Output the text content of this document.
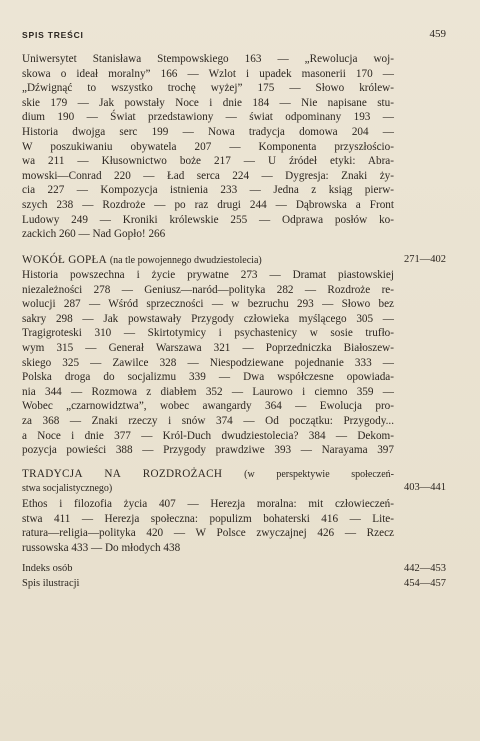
SPIS TREŚCI	459
Uniwersytet Stanisława Stempowskiego 163 — „Rewolucja woj-
skowa o ideał moralny” 166 — Wzlot i upadek masonerii 170 —
„Dźwignąć to wszystko trochę wyżej” 175 — Słowo królew-
skie 179 — Jak powstały Noce i dnie 184 — Nie napisane stu-
dium 190 — Świat przedstawiony — świat odpominany 193 —
Historia dwojga serc 199 — Nowa tradycja domowa 204 —
W poszukiwaniu obywatela 207 — Komponenta przyszłościo-
wa 211 — Kłusownictwo boże 217 — U źródeł etyki: Abra-
mowski—Conrad 220 — Ład serca 224 — Dygresja: Znaki ży-
cia 227 — Kompozycja istnienia 233 — Jedna z ksiąg pierw-
szych 238 — Rozdroże — po raz drugi 244 — Dąbrowska a Front
Ludowy 249 — Kroniki królewskie 255 — Odprawa posłów ko-
zackich 260 — Nad Gopło! 266
WOKÓŁ GOPŁA (na tle powojennego dwudziestolecia)	271—402
Historia powszechna i życie prywatne 273 — Dramat piastowskiej
niezależności 278 — Geniusz—naród—polityka 282 — Rozdroże re-
wolucji 287 — Wśród sprzeczności — w bezruchu 293 — Słowo bez
sakry 298 — Jak powstawały Przygody człowieka myślącego 305 —
Tragigroteski 310 — Skirtotymicy i psychastenicy w sosie trufło-
wym 315 — Generał Warszawa 321 — Poprzedniczka Białoszew-
skiego 325 — Zawilce 328 — Niespodziewane pojednanie 333 —
Polska droga do socjalizmu 339 — Dwa współczesne opowiada-
nia 344 — Rozmowa z diabłem 352 — Laurowo i ciemno 359 —
Wobec „czarnowidztwa”, wobec awangardy 364 — Ewolucja pro-
za 368 — Znaki rzeczy i snów 374 — Od początku: Przygody...
a Noce i dnie 377 — Król-Duch dwudziestolecia? 384 — Dekom-
pozycja powieści 388 — Przygody prawdziwe 393 — Narayama 397
TRADYCJA NA ROZDROŻACH (w perspektywie społeczeń-
stwa socjalistycznego)	403—441
Ethos i filozofia życia 407 — Herezja moralna: mit człowieczeń-
stwa 411 — Herezja społeczna: populizm bohaterski 416 — Lite-
ratura—religia—polityka 420 — W Polsce zwyczajnej 426 — Rzecz
russowska 433 — Do młodych 438
Indeks osób	442—453
Spis ilustracji	454—457
